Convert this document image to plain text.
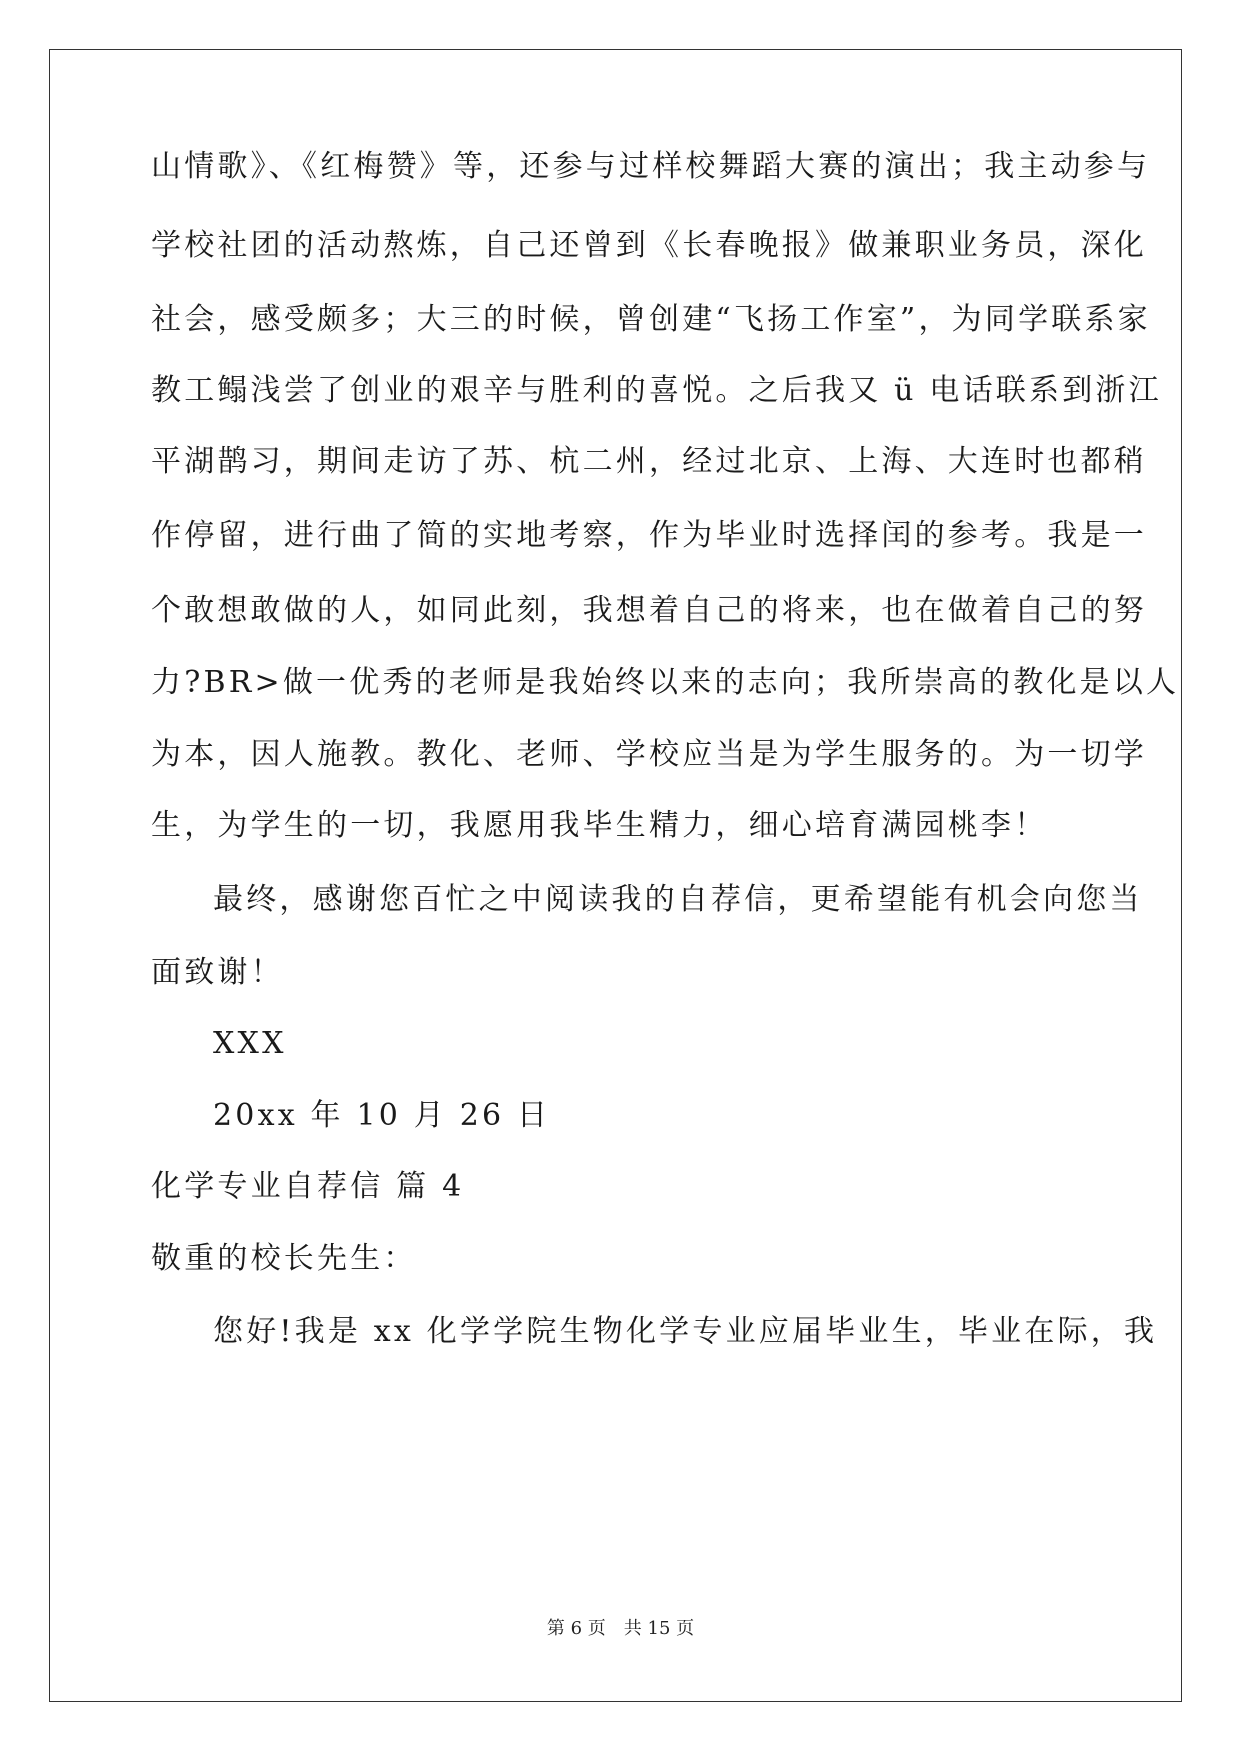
山情歌》、《红梅赞》等，还参与过样校舞蹈大赛的演出；我主动参与
学校社团的活动熬炼，自己还曾到《长春晚报》做兼职业务员，深化
社会，感受颇多；大三的时候，曾创建“飞扬工作室”，为同学联系家
教工鳎浅尝了创业的艰辛与胜利的喜悦。之后我又 ü 电话联系到浙江
平湖鹊习，期间走访了苏、杭二州，经过北京、上海、大连时也都稍
作停留，进行曲了简的实地考察，作为毕业时选择闰的参考。我是一
个敢想敢做的人，如同此刻，我想着自己的将来，也在做着自己的努
力?BR>做一优秀的老师是我始终以来的志向；我所崇高的教化是以人
为本，因人施教。教化、老师、学校应当是为学生服务的。为一切学
生，为学生的一切，我愿用我毕生精力，细心培育满园桃李！
最终，感谢您百忙之中阅读我的自荐信，更希望能有机会向您当
面致谢！
XXX
20xx 年 10 月 26 日
化学专业自荐信 篇 4
敬重的校长先生：
您好!我是 xx 化学学院生物化学专业应届毕业生，毕业在际，我
第 6 页 共 15 页
